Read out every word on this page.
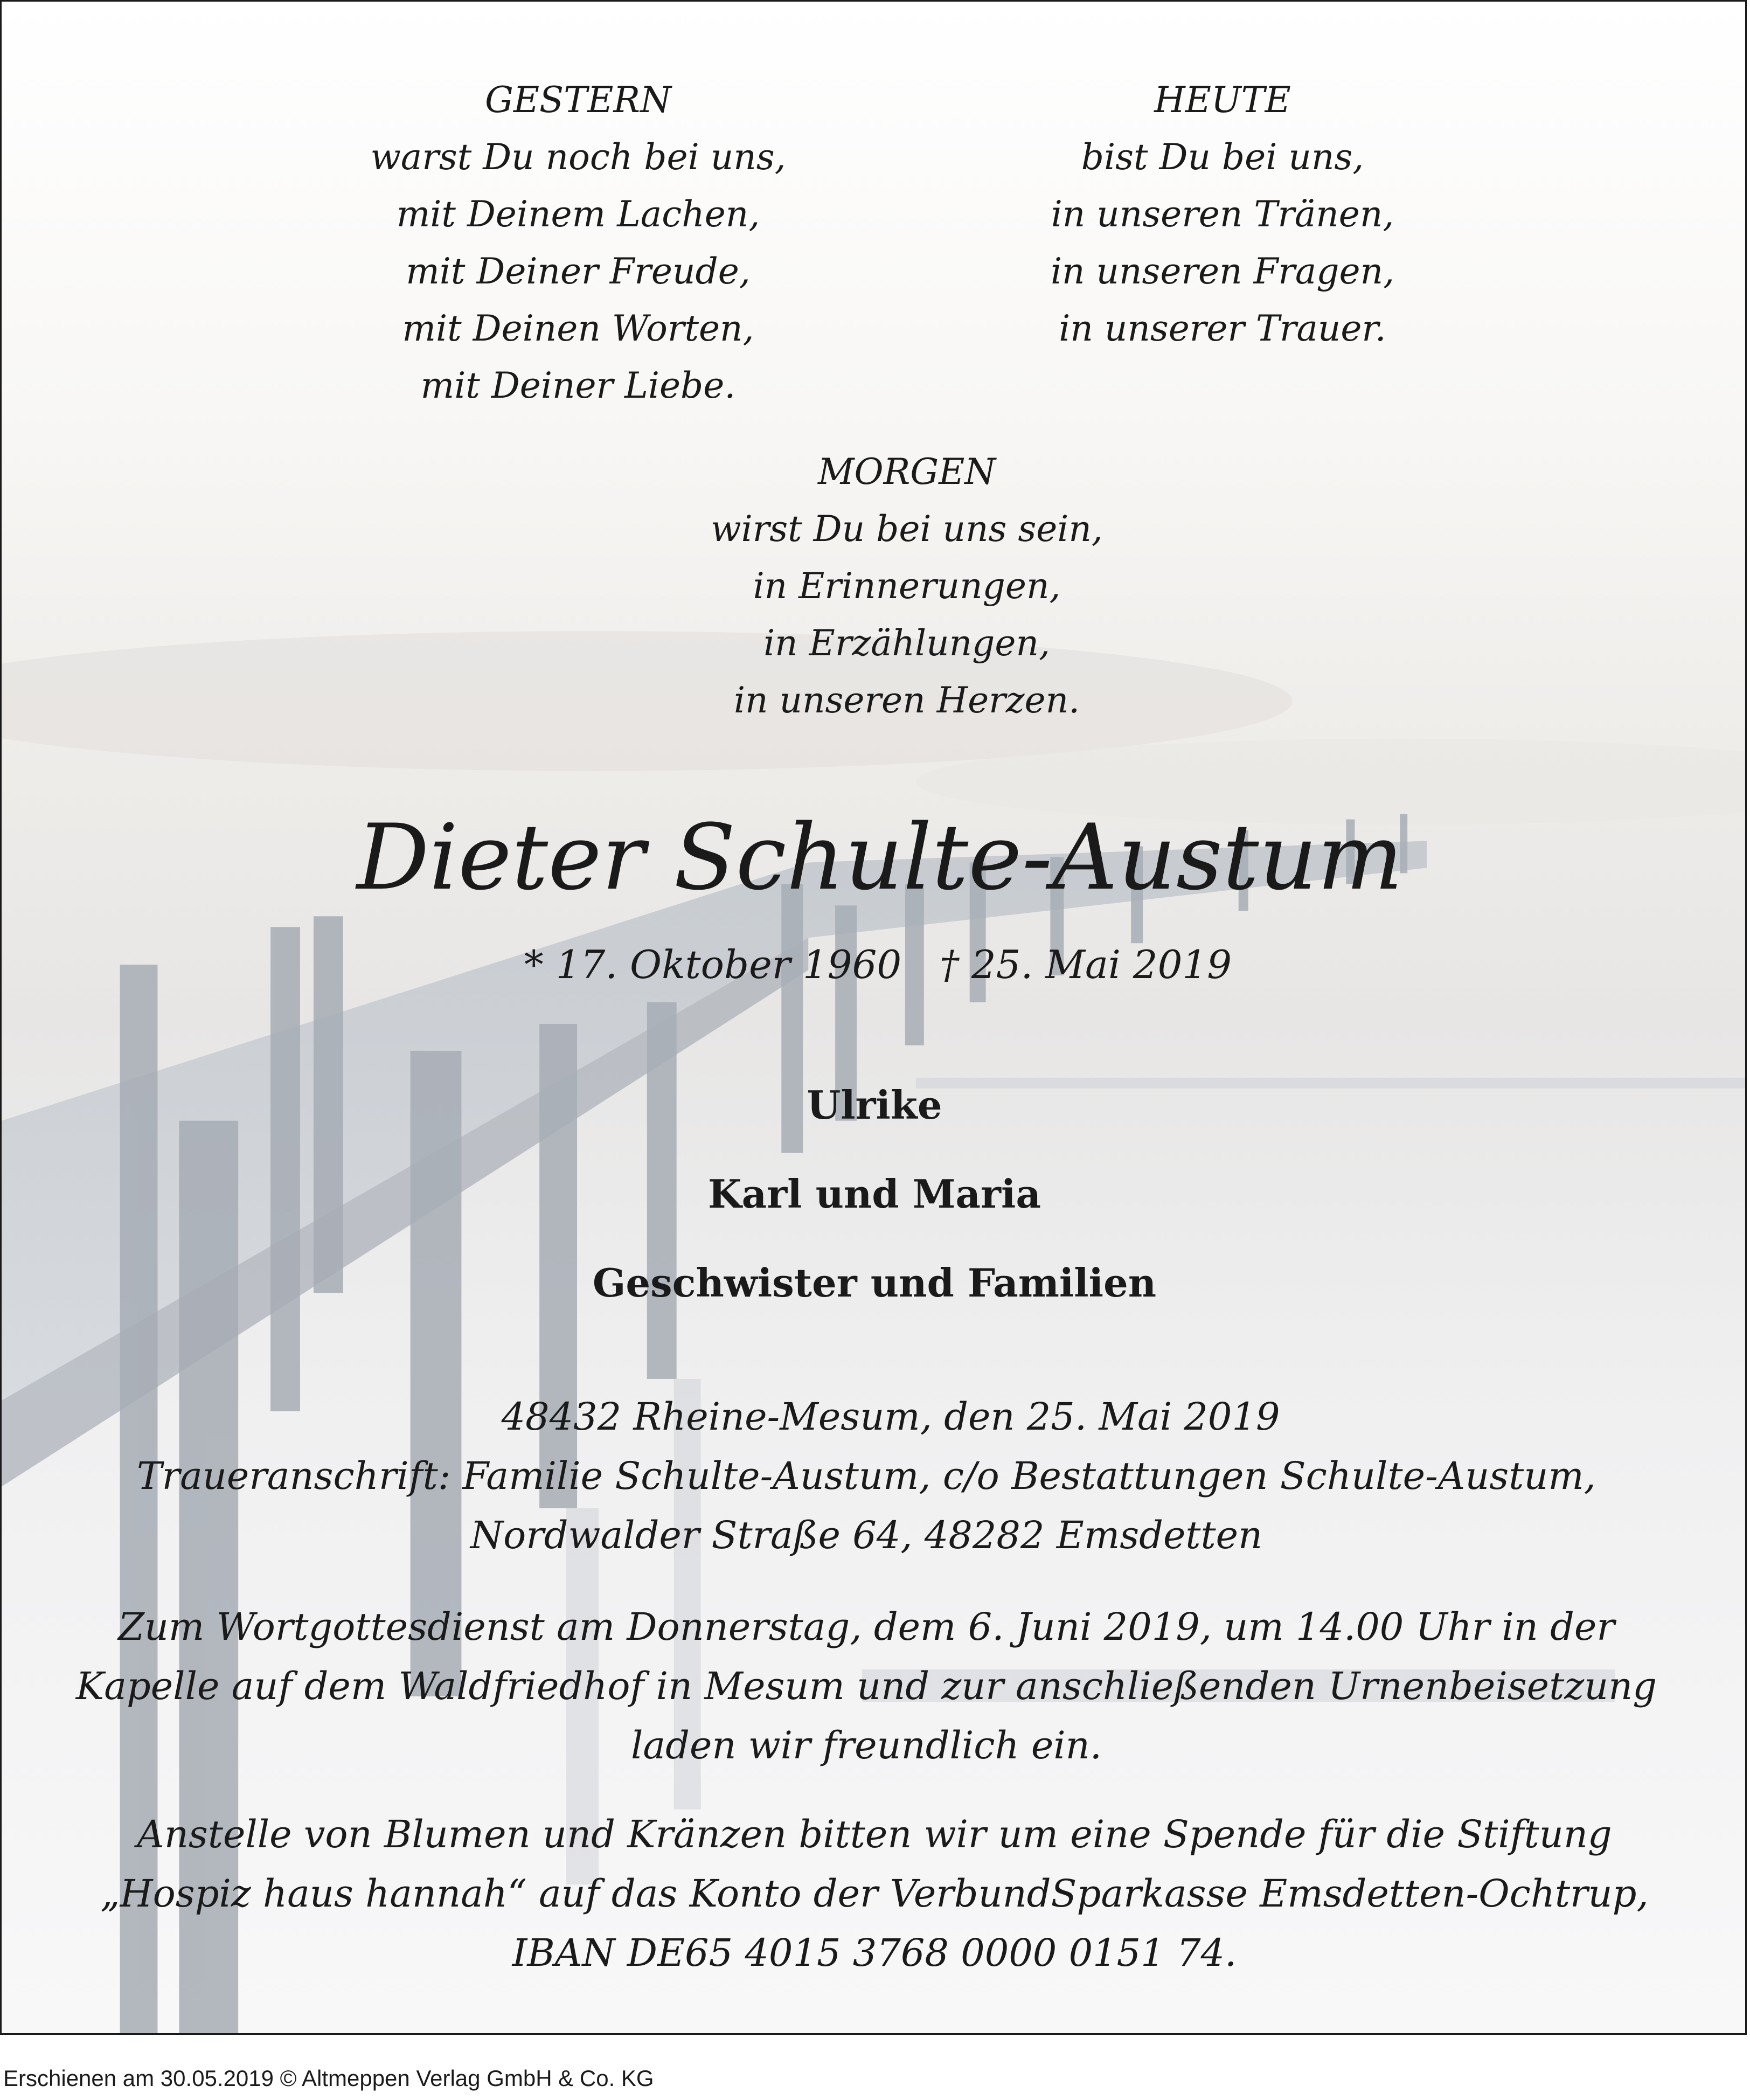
GESTERN
warst Du noch bei uns,
mit Deinem Lachen,
mit Deiner Freude,
mit Deinen Worten,
mit Deiner Liebe.
HEUTE
bist Du bei uns,
in unseren Tränen,
in unseren Fragen,
in unserer Trauer.
MORGEN
wirst Du bei uns sein,
in Erinnerungen,
in Erzählungen,
in unseren Herzen.
Dieter Schulte-Austum
* 17. Oktober 1960 † 25. Mai 2019
Ulrike
Karl und Maria
Geschwister und Familien
48432 Rheine-Mesum, den 25. Mai 2019
Traueranschrift: Familie Schulte-Austum, c/o Bestattungen Schulte-Austum,
Nordwalder Straße 64, 48282 Emsdetten
Zum Wortgottesdienst am Donnerstag, dem 6. Juni 2019, um 14.00 Uhr in der
Kapelle auf dem Waldfriedhof in Mesum und zur anschließenden Urnenbeisetzung
laden wir freundlich ein.
Anstelle von Blumen und Kränzen bitten wir um eine Spende für die Stiftung
„Hospiz haus hannah“ auf das Konto der VerbundSparkasse Emsdetten-Ochtrup,
IBAN DE65 4015 3768 0000 0151 74.
Erschienen am 30.05.2019 © Altmeppen Verlag GmbH & Co. KG
